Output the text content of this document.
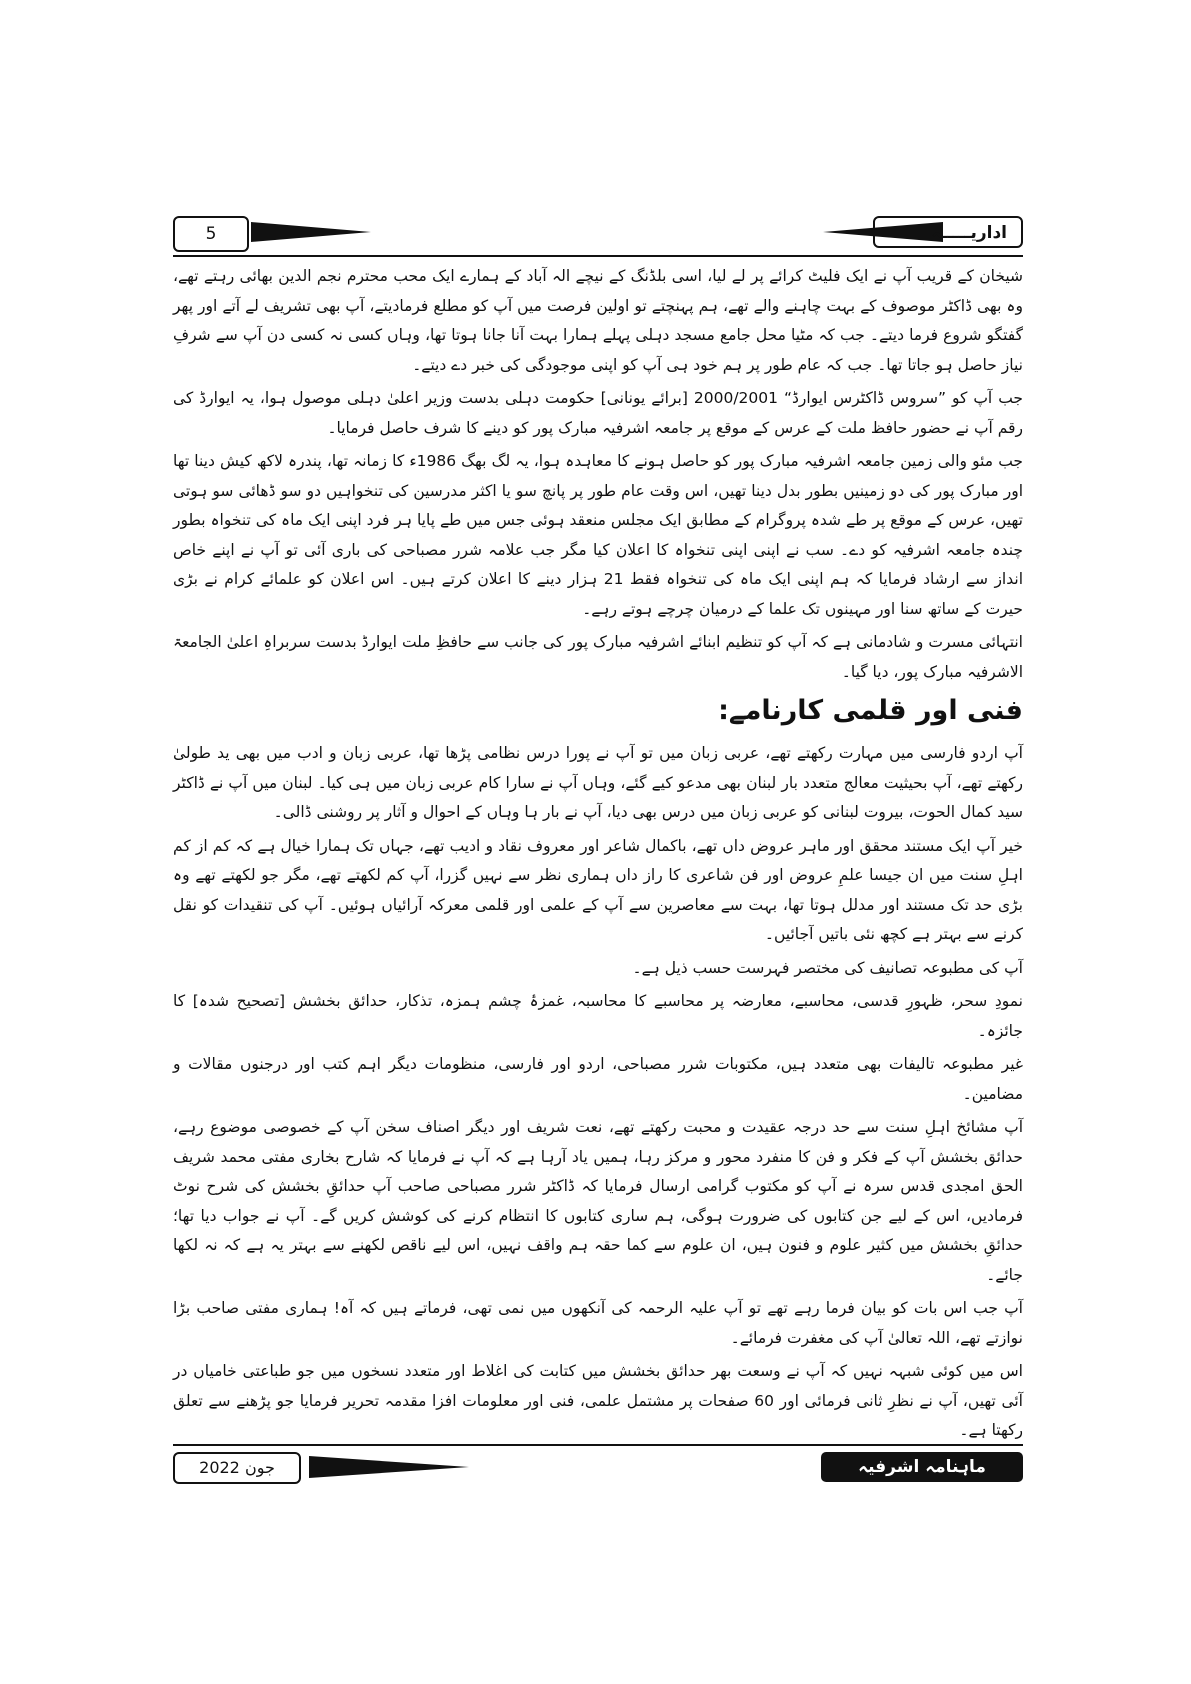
5	اداریـــــہ

شیخان کے قریب آپ نے ایک فلیٹ کرائے پر لے لیا، اسی بلڈنگ کے نیچے الہ آباد کے ہمارے ایک محب محترم نجم الدین بھائی رہتے تھے، وہ بھی ڈاکٹر موصوف کے بہت چاہنے والے تھے، ہم پہنچتے تو اولین فرصت میں آپ کو مطلع فرمادیتے، آپ بھی تشریف لے آتے اور پھر گفتگو شروع فرما دیتے۔ جب کہ مٹیا محل جامع مسجد دہلی پہلے ہمارا بہت آنا جانا ہوتا تھا، وہاں کسی نہ کسی دن آپ سے شرفِ نیاز حاصل ہو جاتا تھا۔ جب کہ عام طور پر ہم خود ہی آپ کو اپنی موجودگی کی خبر دے دیتے۔

جب آپ کو ”سروس ڈاکٹرس ایوارڈ“ 2000/2001 [برائے یونانی] حکومت دہلی بدست وزیر اعلیٰ دہلی موصول ہوا، یہ ایوارڈ کی رقم آپ نے حضور حافظ ملت کے عرس کے موقع پر جامعہ اشرفیہ مبارک پور کو دینے کا شرف حاصل فرمایا۔

جب مئو والی زمین جامعہ اشرفیہ مبارک پور کو حاصل ہونے کا معاہدہ ہوا، یہ لگ بھگ 1986ء کا زمانہ تھا، پندرہ لاکھ کیش دینا تھا اور مبارک پور کی دو زمینیں بطور بدل دینا تھیں، اس وقت عام طور پر پانچ سو یا اکثر مدرسین کی تنخواہیں دو سو ڈھائی سو ہوتی تھیں، عرس کے موقع پر طے شدہ پروگرام کے مطابق ایک مجلس منعقد ہوئی جس میں طے پایا ہر فرد اپنی ایک ماہ کی تنخواہ بطور چندہ جامعہ اشرفیہ کو دے۔ سب نے اپنی اپنی تنخواہ کا اعلان کیا مگر جب علامہ شرر مصباحی کی باری آئی تو آپ نے اپنے خاص انداز سے ارشاد فرمایا کہ ہم اپنی ایک ماہ کی تنخواہ فقط 21 ہزار دینے کا اعلان کرتے ہیں۔ اس اعلان کو علمائے کرام نے بڑی حیرت کے ساتھ سنا اور مہینوں تک علما کے درمیان چرچے ہوتے رہے۔

انتہائی مسرت و شادمانی ہے کہ آپ کو تنظیم ابنائے اشرفیہ مبارک پور کی جانب سے حافظِ ملت ایوارڈ بدست سربراہِ اعلیٰ الجامعۃ الاشرفیہ مبارک پور، دیا گیا۔

فنی اور قلمی کارنامے:

آپ اردو فارسی میں مہارت رکھتے تھے، عربی زبان میں تو آپ نے پورا درس نظامی پڑھا تھا، عربی زبان و ادب میں بھی ید طولیٰ رکھتے تھے، آپ بحیثیت معالج متعدد بار لبنان بھی مدعو کیے گئے، وہاں آپ نے سارا کام عربی زبان میں ہی کیا۔ لبنان میں آپ نے ڈاکٹر سید کمال الحوت، بیروت لبنانی کو عربی زبان میں درس بھی دیا، آپ نے بار ہا وہاں کے احوال و آثار پر روشنی ڈالی۔

خیر آپ ایک مستند محقق اور ماہر عروض داں تھے، باکمال شاعر اور معروف نقاد و ادیب تھے، جہاں تک ہمارا خیال ہے کہ کم از کم اہلِ سنت میں ان جیسا علمِ عروض اور فن شاعری کا راز داں ہماری نظر سے نہیں گزرا، آپ کم لکھتے تھے، مگر جو لکھتے تھے وہ بڑی حد تک مستند اور مدلل ہوتا تھا، بہت سے معاصرین سے آپ کے علمی اور قلمی معرکہ آرائیاں ہوئیں۔ آپ کی تنقیدات کو نقل کرنے سے بہتر ہے کچھ نئی باتیں آجائیں۔

آپ کی مطبوعہ تصانیف کی مختصر فہرست حسب ذیل ہے۔

نمودِ سحر، ظہورِ قدسی، محاسبے، معارضہ پر محاسبے کا محاسبہ، غمزۂ چشم ہمزہ، تذکار، حدائق بخشش [تصحیح شدہ] کا جائزہ۔

غیر مطبوعہ تالیفات بھی متعدد ہیں، مکتوبات شرر مصباحی، اردو اور فارسی، منظومات دیگر اہم کتب اور درجنوں مقالات و مضامین۔

آپ مشائخ اہلِ سنت سے حد درجہ عقیدت و محبت رکھتے تھے، نعت شریف اور دیگر اصناف سخن آپ کے خصوصی موضوع رہے، حدائق بخشش آپ کے فکر و فن کا منفرد محور و مرکز رہا، ہمیں یاد آرہا ہے کہ آپ نے فرمایا کہ شارح بخاری مفتی محمد شریف الحق امجدی قدس سرہ نے آپ کو مکتوب گرامی ارسال فرمایا کہ ڈاکٹر شرر مصباحی صاحب آپ حدائقِ بخشش کی شرح نوٹ فرمادیں، اس کے لیے جن کتابوں کی ضرورت ہوگی، ہم ساری کتابوں کا انتظام کرنے کی کوشش کریں گے۔ آپ نے جواب دیا تھا؛ حدائقِ بخشش میں کثیر علوم و فنون ہیں، ان علوم سے کما حقہ ہم واقف نہیں، اس لیے ناقص لکھنے سے بہتر یہ ہے کہ نہ لکھا جائے۔

آپ جب اس بات کو بیان فرما رہے تھے تو آپ علیہ الرحمہ کی آنکھوں میں نمی تھی، فرماتے ہیں کہ آہ! ہماری مفتی صاحب بڑا نوازتے تھے، اللہ تعالیٰ آپ کی مغفرت فرمائے۔

اس میں کوئی شبہہ نہیں کہ آپ نے وسعت بھر حدائق بخشش میں کتابت کی اغلاط اور متعدد نسخوں میں جو طباعتی خامیاں در آئی تھیں، آپ نے نظرِ ثانی فرمائی اور 60 صفحات پر مشتمل علمی، فنی اور معلومات افزا مقدمہ تحریر فرمایا جو پڑھنے سے تعلق رکھتا ہے۔

جون 2022	ماہنامہ اشرفیہ
